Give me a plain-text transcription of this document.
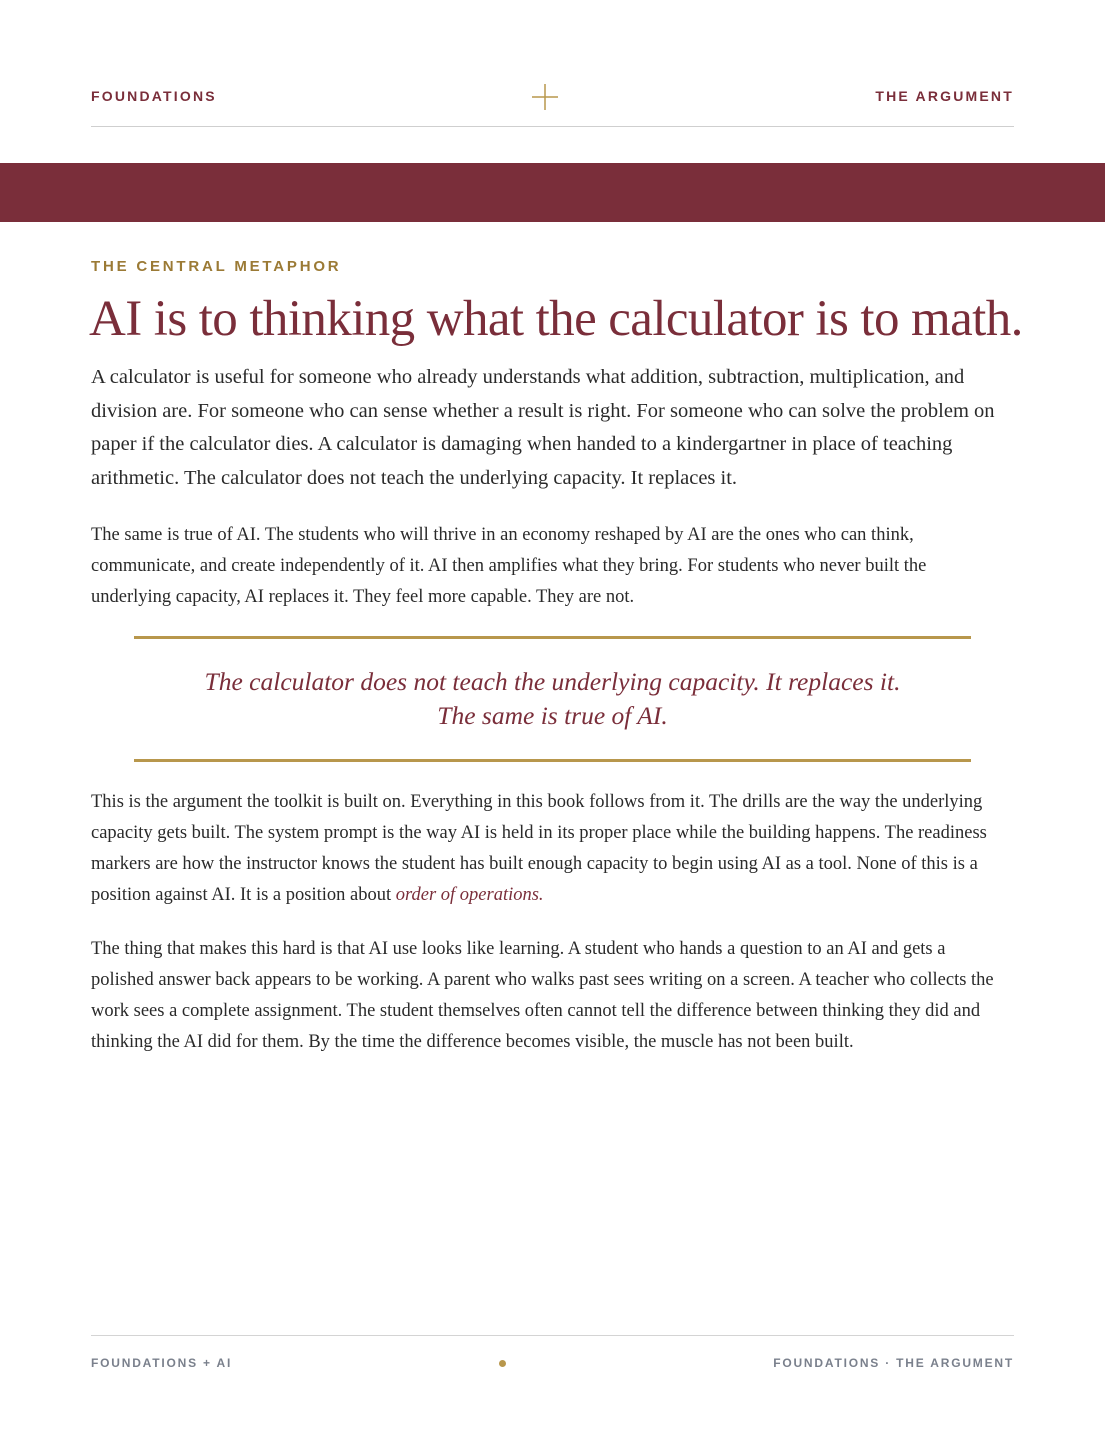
FOUNDATIONS	THE ARGUMENT
THE CENTRAL METAPHOR
AI is to thinking what the calculator is to math.

A calculator is useful for someone who already understands what addition, subtraction, multiplication, and division are. For someone who can sense whether a result is right. For someone who can solve the problem on paper if the calculator dies. A calculator is damaging when handed to a kindergartner in place of teaching arithmetic. The calculator does not teach the underlying capacity. It replaces it.

The same is true of AI. The students who will thrive in an economy reshaped by AI are the ones who can think, communicate, and create independently of it. AI then amplifies what they bring. For students who never built the underlying capacity, AI replaces it. They feel more capable. They are not.

The calculator does not teach the underlying capacity. It replaces it. The same is true of AI.

This is the argument the toolkit is built on. Everything in this book follows from it. The drills are the way the underlying capacity gets built. The system prompt is the way AI is held in its proper place while the building happens. The readiness markers are how the instructor knows the student has built enough capacity to begin using AI as a tool. None of this is a position against AI. It is a position about order of operations.

The thing that makes this hard is that AI use looks like learning. A student who hands a question to an AI and gets a polished answer back appears to be working. A parent who walks past sees writing on a screen. A teacher who collects the work sees a complete assignment. The student themselves often cannot tell the difference between thinking they did and thinking the AI did for them. By the time the difference becomes visible, the muscle has not been built.

FOUNDATIONS + AI	FOUNDATIONS · THE ARGUMENT
